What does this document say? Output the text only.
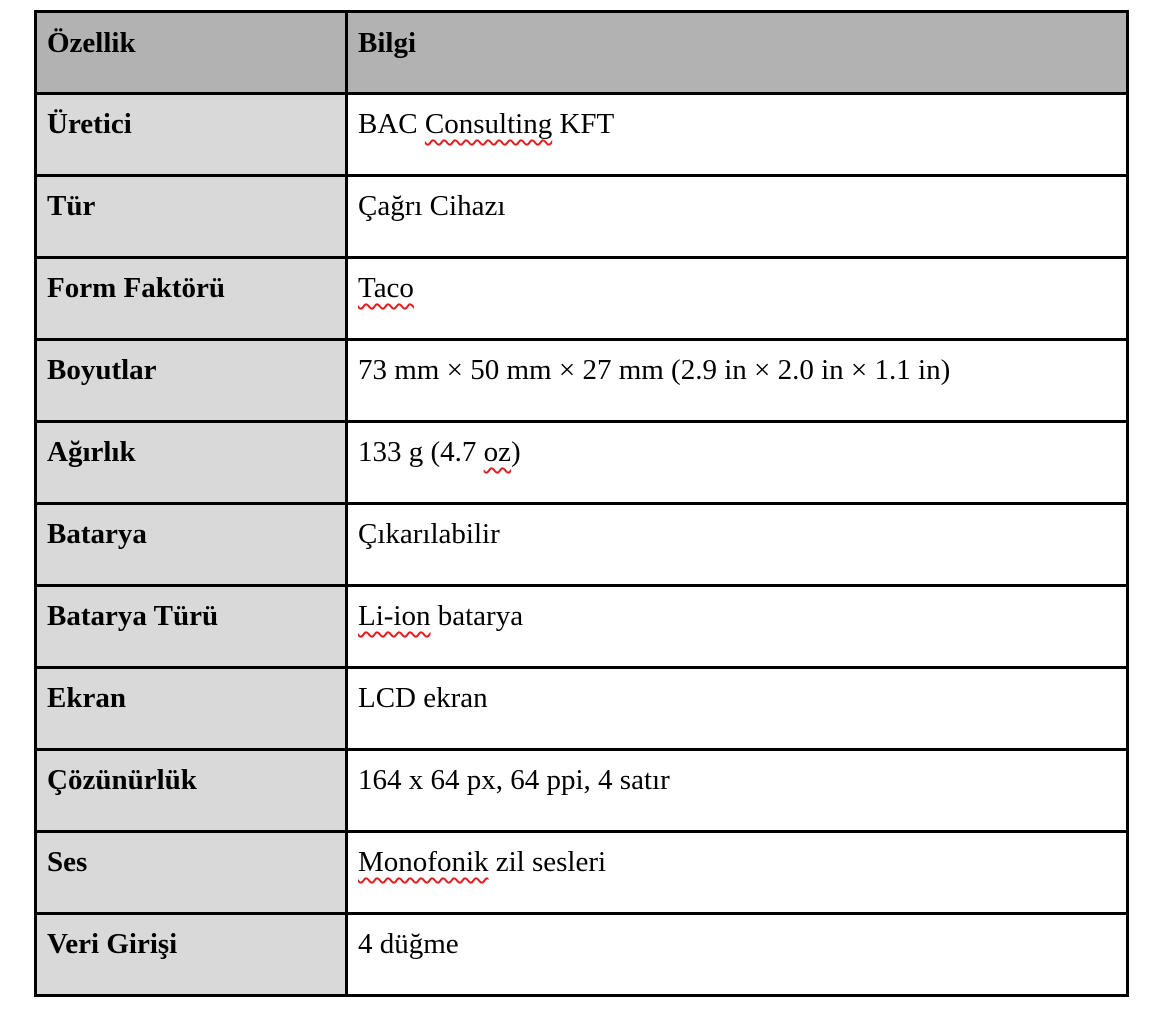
Özellik	Bilgi
Üretici	BAC Consulting KFT
Tür	Çağrı Cihazı
Form Faktörü	Taco
Boyutlar	73 mm × 50 mm × 27 mm (2.9 in × 2.0 in × 1.1 in)
Ağırlık	133 g (4.7 oz)
Batarya	Çıkarılabilir
Batarya Türü	Li-ion batarya
Ekran	LCD ekran
Çözünürlük	164 x 64 px, 64 ppi, 4 satır
Ses	Monofonik zil sesleri
Veri Girişi	4 düğme
